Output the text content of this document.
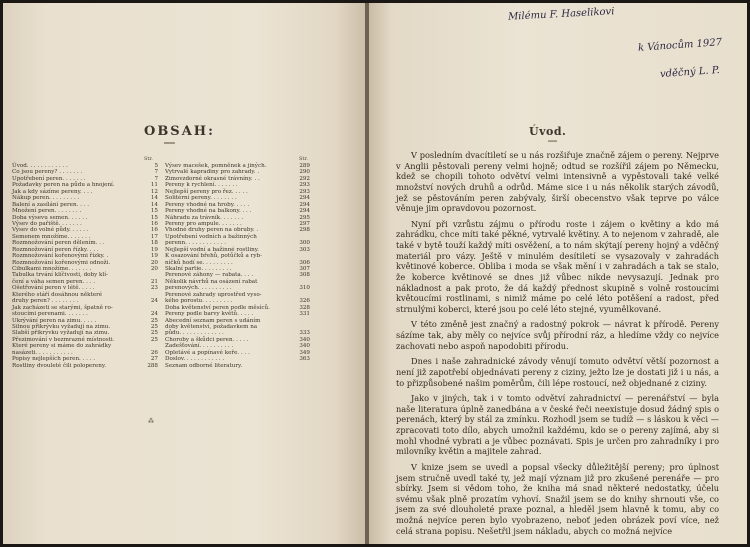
OBSAH:
═══
Str.	Str.
Úvod. . . . . . . . . . . .	5
Co jsou pereny? . . . . . . .	7
Upotřebení peren. . . . . . .	7
Požadavky peren na půdu a hnojení.	11
Jak a kdy sázíme pereny. . . .	12
Nákup peren. . . . . . . . .	14
Balení a zasílání peren. . . .	14
Množení peren. . . . . . . .	15
Doba výsevu semen. . . . . .	15
Výsev do pařiště. . . . . . .	16
Výsev do volné půdy. . . . . .	16
Semenem množíme. . . . . . .	17
Rozmnožování peren dělením. . .	18
Rozmnožování peren řízky. . . .	19
Rozmnožování kořenovými řízky. .	19
Rozmnožování kořenovými odnoži.	20
Cibulkami množíme. . . . . . .	20
Tabulka trvání klíčivosti, doby klí-
čení a váha semen peren. . . .	21
Ošetřování peren v létě. . . . .	23
Kterého stáří dosáhnou některé
druhy peren? . . . . . . . .	24
Jak zacházeti se starými, špatně ro-
stoucími perenami. . . . . . .	24
Ukrývání peren na zimu. . . . .	25
Silnou přikrývku vyžadují na zimu.	25
Slabší přikrývku vyžadují na zimu.	25
Přezimování v bezmrazné místnosti.	25
Které pereny si máme do zahrádky
nasázeti. . . . . . . . . . .	26
Popisy nejlepších peren. . . . .	27
Rostliny dvouleté čili polopereny.	288
Výsev macešek, pomněnek a jiných.	289
Vytrvalé kapradiny pro zahrady. .	290
Zimovzdorné okrasné trávníny. . .	292
Pereny k rychlení. . . . . . .	293
Nejlepší pereny pro řez. . . . .	293
Solitérní pereny. . . . . . . .	294
Pereny vhodné na hroby. . . . .	294
Pereny vhodné na balkony. . . .	294
Náhradu za trávník. . . . . . .	295
Pereny pro ampule. . . . . . .	297
Vhodné druhy peren na obruby. .	298
Upotřebení vodních a bažinných
perenn. . . . . . . . . . . .	300
Nejlepší vodní a bažinné rostliny.	303
K osazování břehů, potůčků a ryb-
níčků hodí se. . . . . . . . .	306
Skalní partie. . . . . . . . .	307
Perenové záhony — rabata. . . .	308
Několik návrhů na osázení rabat
perenových. . . . . . . . . .	310
Perenové zahrady uprostřed vyso-
kého porostu. . . . . . . . .	326
Doba květenství peren podle měsíců.	328
Pereny podle barvy květů. . . . .	331
Abecední seznam peren s udáním
doby květenství, požadavkem na
půdu. . . . . . . . . . . . .	333
Choroby a škůdci peren. . . . .	340
Zadešťování. . . . . . . . . .	340
Opletávé a popínavé keře. . . .	349
Doslov. . . . . . . . . . . .	363
Seznam odborné literatury.
⁂
Milému F. Haselikovi
k Vánocům 1927
vděčný L. P.
Úvod.
═══

V posledním dvacítiletí se u nás rozšiřuje značně zájem o pereny. Nejprve v Anglii pěstovali pereny velmi hojně; odtud se rozšířil zájem po Německu, kdež se chopili tohoto odvětví velmi intensivně a vypěstovali také velké množství nových druhů a odrůd. Máme sice i u nás několik starých závodů, jež se pěstováním peren zabývaly, širší obecenstvo však teprve po válce věnuje jim opravdovou pozornost.

Nyní při vzrůstu zájmu o přírodu roste i zájem o květiny a kdo má zahrádku, chce míti také pěkné, vytrvalé květiny. A to nejenom v zahradě, ale také v bytě touží každý míti osvěžení, a to nám skýtají pereny hojný a vděčný materiál pro vázy. Ještě v minulém desítiletí se vysazovaly v zahradách květinové koberce. Obliba i moda se však mění i v zahradách a tak se stalo, že koberce květinové se dnes již vůbec nikde nevysazují. Jednak pro nákladnost a pak proto, že dá každý přednost skupině s volně rostoucími květoucími rostlinami, s nimiž máme po celé léto potěšení a radost, před strnulými koberci, které jsou po celé léto stejné, vyumělkované.

V této změně jest značný a radostný pokrok — návrat k přírodě. Pereny sázíme tak, aby měly co nejvíce svůj přírodní ráz, a hledíme vždy co nejvíce zachovati nebo aspoň napodobiti přírodu.

Dnes i naše zahradnické závody věnují tomuto odvětví větší pozornost a není již zapotřebí objednávati pereny z ciziny, ježto lze je dostati již i u nás, a to přizpůsobené našim poměrům, čili lépe rostoucí, než objednané z ciziny.

Jako v jiných, tak i v tomto odvětví zahradnictví — perenářství — byla naše literatura úplně zanedbána a v české řeči neexistuje dosud žádný spis o perenách, který by stál za zmínku. Rozhodl jsem se tudíž — s láskou k věci — zpracovati toto dílo, abych umožnil každému, kdo se o pereny zajímá, aby si mohl vhodné vybrati a je vůbec poznávati. Spis je určen pro zahradníky i pro milovníky květin a majitele zahrad.

V knize jsem se uvedl a popsal všecky důležitější pereny; pro úplnost jsem stručně uvedl také ty, jež mají význam již pro zkušené perenáře — pro sbírky. Jsem si vědom toho, že kniha má snad některé nedostatky, účelu svému však plně prozatím vyhoví. Snažil jsem se do knihy shrnouti vše, co jsem za své dlouholeté praxe poznal, a hleděl jsem hlavně k tomu, aby co možná nejvíce peren bylo vyobrazeno, neboť jeden obrázek poví více, než celá strana popisu. Nešetřil jsem nákladu, abych co možná nejvíce
